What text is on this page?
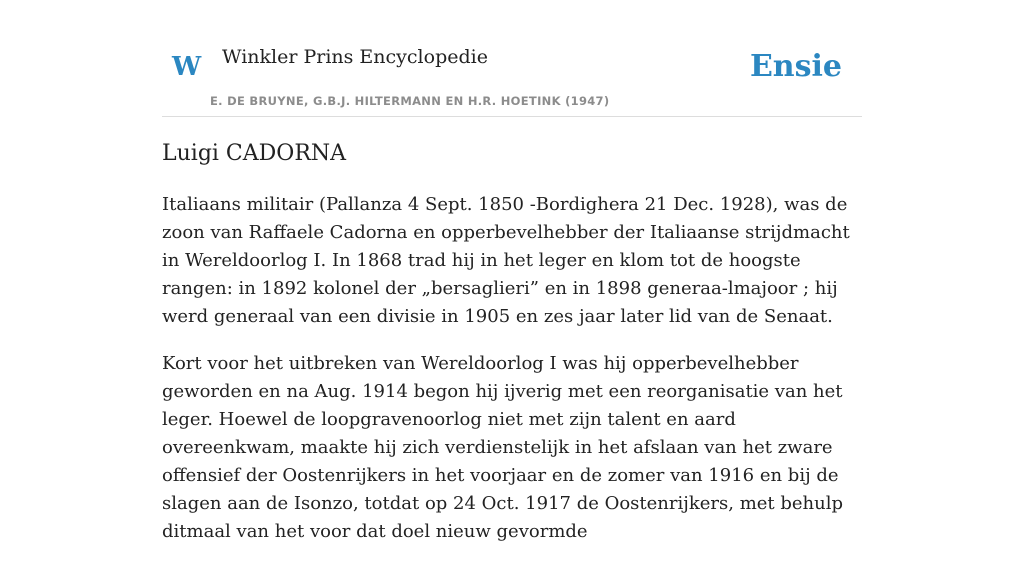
W Winkler Prins Encyclopedie
E. DE BRUYNE, G.B.J. HILTERMANN EN H.R. HOETINK (1947)
Ensie
Luigi CADORNA

Italiaans militair (Pallanza 4 Sept. 1850 -Bordighera 21 Dec. 1928), was de zoon van Raffaele Cadorna en opperbevelhebber der Italiaanse strijdmacht in Wereldoorlog I. In 1868 trad hij in het leger en klom tot de hoogste rangen: in 1892 kolonel der „bersaglieri” en in 1898 generaa-lmajoor ; hij werd generaal van een divisie in 1905 en zes jaar later lid van de Senaat.

Kort voor het uitbreken van Wereldoorlog I was hij opperbevelhebber geworden en na Aug. 1914 begon hij ijverig met een reorganisatie van het leger. Hoewel de loopgravenoorlog niet met zijn talent en aard overeenkwam, maakte hij zich verdienstelijk in het afslaan van het zware offensief der Oostenrijkers in het voorjaar en de zomer van 1916 en bij de slagen aan de Isonzo, totdat op 24 Oct. 1917 de Oostenrijkers, met behulp ditmaal van het voor dat doel nieuw gevormde
